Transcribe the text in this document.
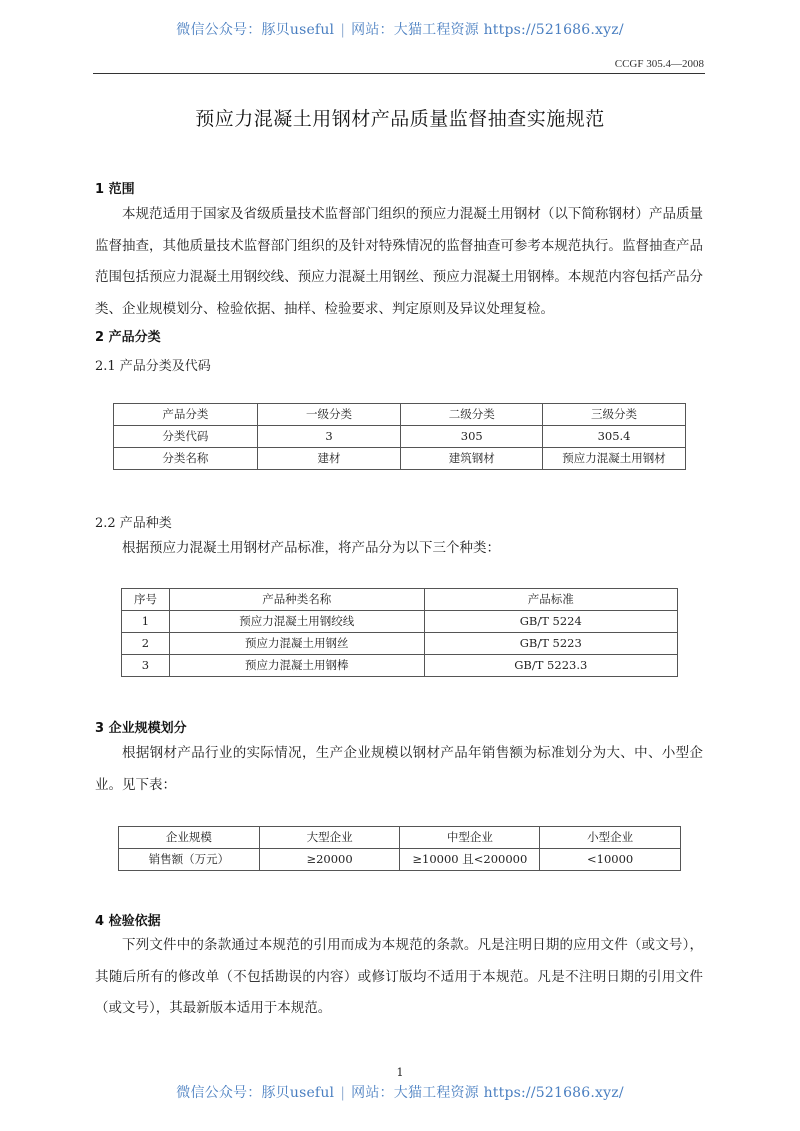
微信公众号：豚贝useful | 网站：大猫工程资源 https://521686.xyz/
CCGF 305.4—2008
预应力混凝土用钢材产品质量监督抽查实施规范
1 范围
本规范适用于国家及省级质量技术监督部门组织的预应力混凝土用钢材（以下简称钢材）产品质量监督抽查，其他质量技术监督部门组织的及针对特殊情况的监督抽查可参考本规范执行。监督抽查产品范围包括预应力混凝土用钢绞线、预应力混凝土用钢丝、预应力混凝土用钢棒。本规范内容包括产品分类、企业规模划分、检验依据、抽样、检验要求、判定原则及异议处理复检。
2 产品分类
2.1 产品分类及代码
产品分类	一级分类	二级分类	三级分类
分类代码	3	305	305.4
分类名称	建材	建筑钢材	预应力混凝土用钢材
2.2 产品种类
根据预应力混凝土用钢材产品标准，将产品分为以下三个种类：
序号	产品种类名称	产品标准
1	预应力混凝土用钢绞线	GB/T 5224
2	预应力混凝土用钢丝	GB/T 5223
3	预应力混凝土用钢棒	GB/T 5223.3
3 企业规模划分
根据钢材产品行业的实际情况，生产企业规模以钢材产品年销售额为标准划分为大、中、小型企业。见下表：
企业规模	大型企业	中型企业	小型企业
销售额（万元）	≥20000	≥10000 且<200000	<10000
4 检验依据
下列文件中的条款通过本规范的引用而成为本规范的条款。凡是注明日期的应用文件（或文号），其随后所有的修改单（不包括勘误的内容）或修订版均不适用于本规范。凡是不注明日期的引用文件（或文号），其最新版本适用于本规范。
1
微信公众号：豚贝useful | 网站：大猫工程资源 https://521686.xyz/
